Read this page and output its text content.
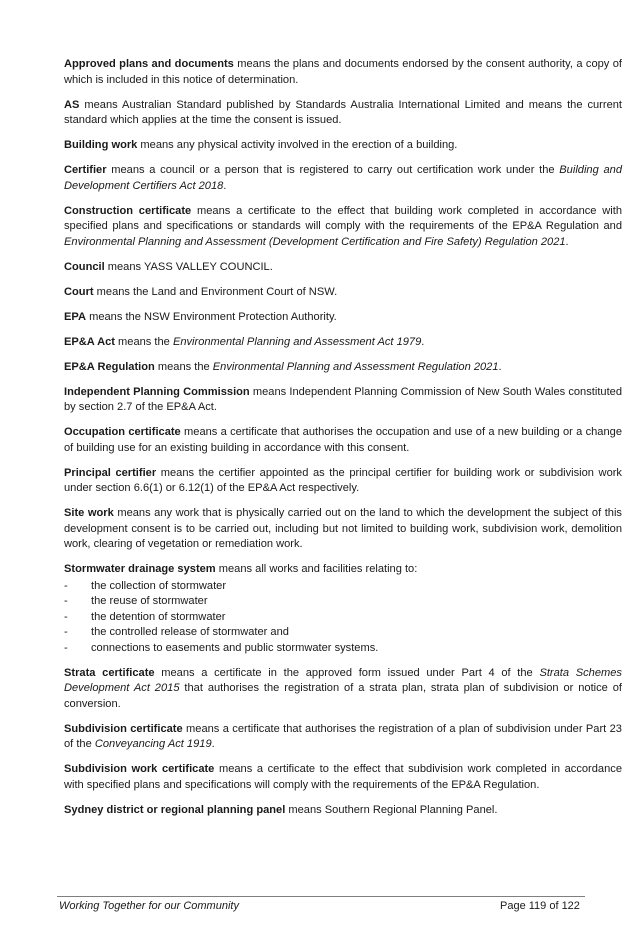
Approved plans and documents means the plans and documents endorsed by the consent authority, a copy of which is included in this notice of determination.

AS means Australian Standard published by Standards Australia International Limited and means the current standard which applies at the time the consent is issued.

Building work means any physical activity involved in the erection of a building.

Certifier means a council or a person that is registered to carry out certification work under the Building and Development Certifiers Act 2018.

Construction certificate means a certificate to the effect that building work completed in accordance with specified plans and specifications or standards will comply with the requirements of the EP&A Regulation and Environmental Planning and Assessment (Development Certification and Fire Safety) Regulation 2021.

Council means YASS VALLEY COUNCIL.

Court means the Land and Environment Court of NSW.

EPA means the NSW Environment Protection Authority.

EP&A Act means the Environmental Planning and Assessment Act 1979.

EP&A Regulation means the Environmental Planning and Assessment Regulation 2021.

Independent Planning Commission means Independent Planning Commission of New South Wales constituted by section 2.7 of the EP&A Act.

Occupation certificate means a certificate that authorises the occupation and use of a new building or a change of building use for an existing building in accordance with this consent.

Principal certifier means the certifier appointed as the principal certifier for building work or subdivision work under section 6.6(1) or 6.12(1) of the EP&A Act respectively.

Site work means any work that is physically carried out on the land to which the development the subject of this development consent is to be carried out, including but not limited to building work, subdivision work, demolition work, clearing of vegetation or remediation work.

Stormwater drainage system means all works and facilities relating to:

- the collection of stormwater
- the reuse of stormwater
- the detention of stormwater
- the controlled release of stormwater and
- connections to easements and public stormwater systems.

Strata certificate means a certificate in the approved form issued under Part 4 of the Strata Schemes Development Act 2015 that authorises the registration of a strata plan, strata plan of subdivision or notice of conversion.

Subdivision certificate means a certificate that authorises the registration of a plan of subdivision under Part 23 of the Conveyancing Act 1919.

Subdivision work certificate means a certificate to the effect that subdivision work completed in accordance with specified plans and specifications will comply with the requirements of the EP&A Regulation.

Sydney district or regional planning panel means Southern Regional Planning Panel.

Working Together for our Community	Page 119 of 122
